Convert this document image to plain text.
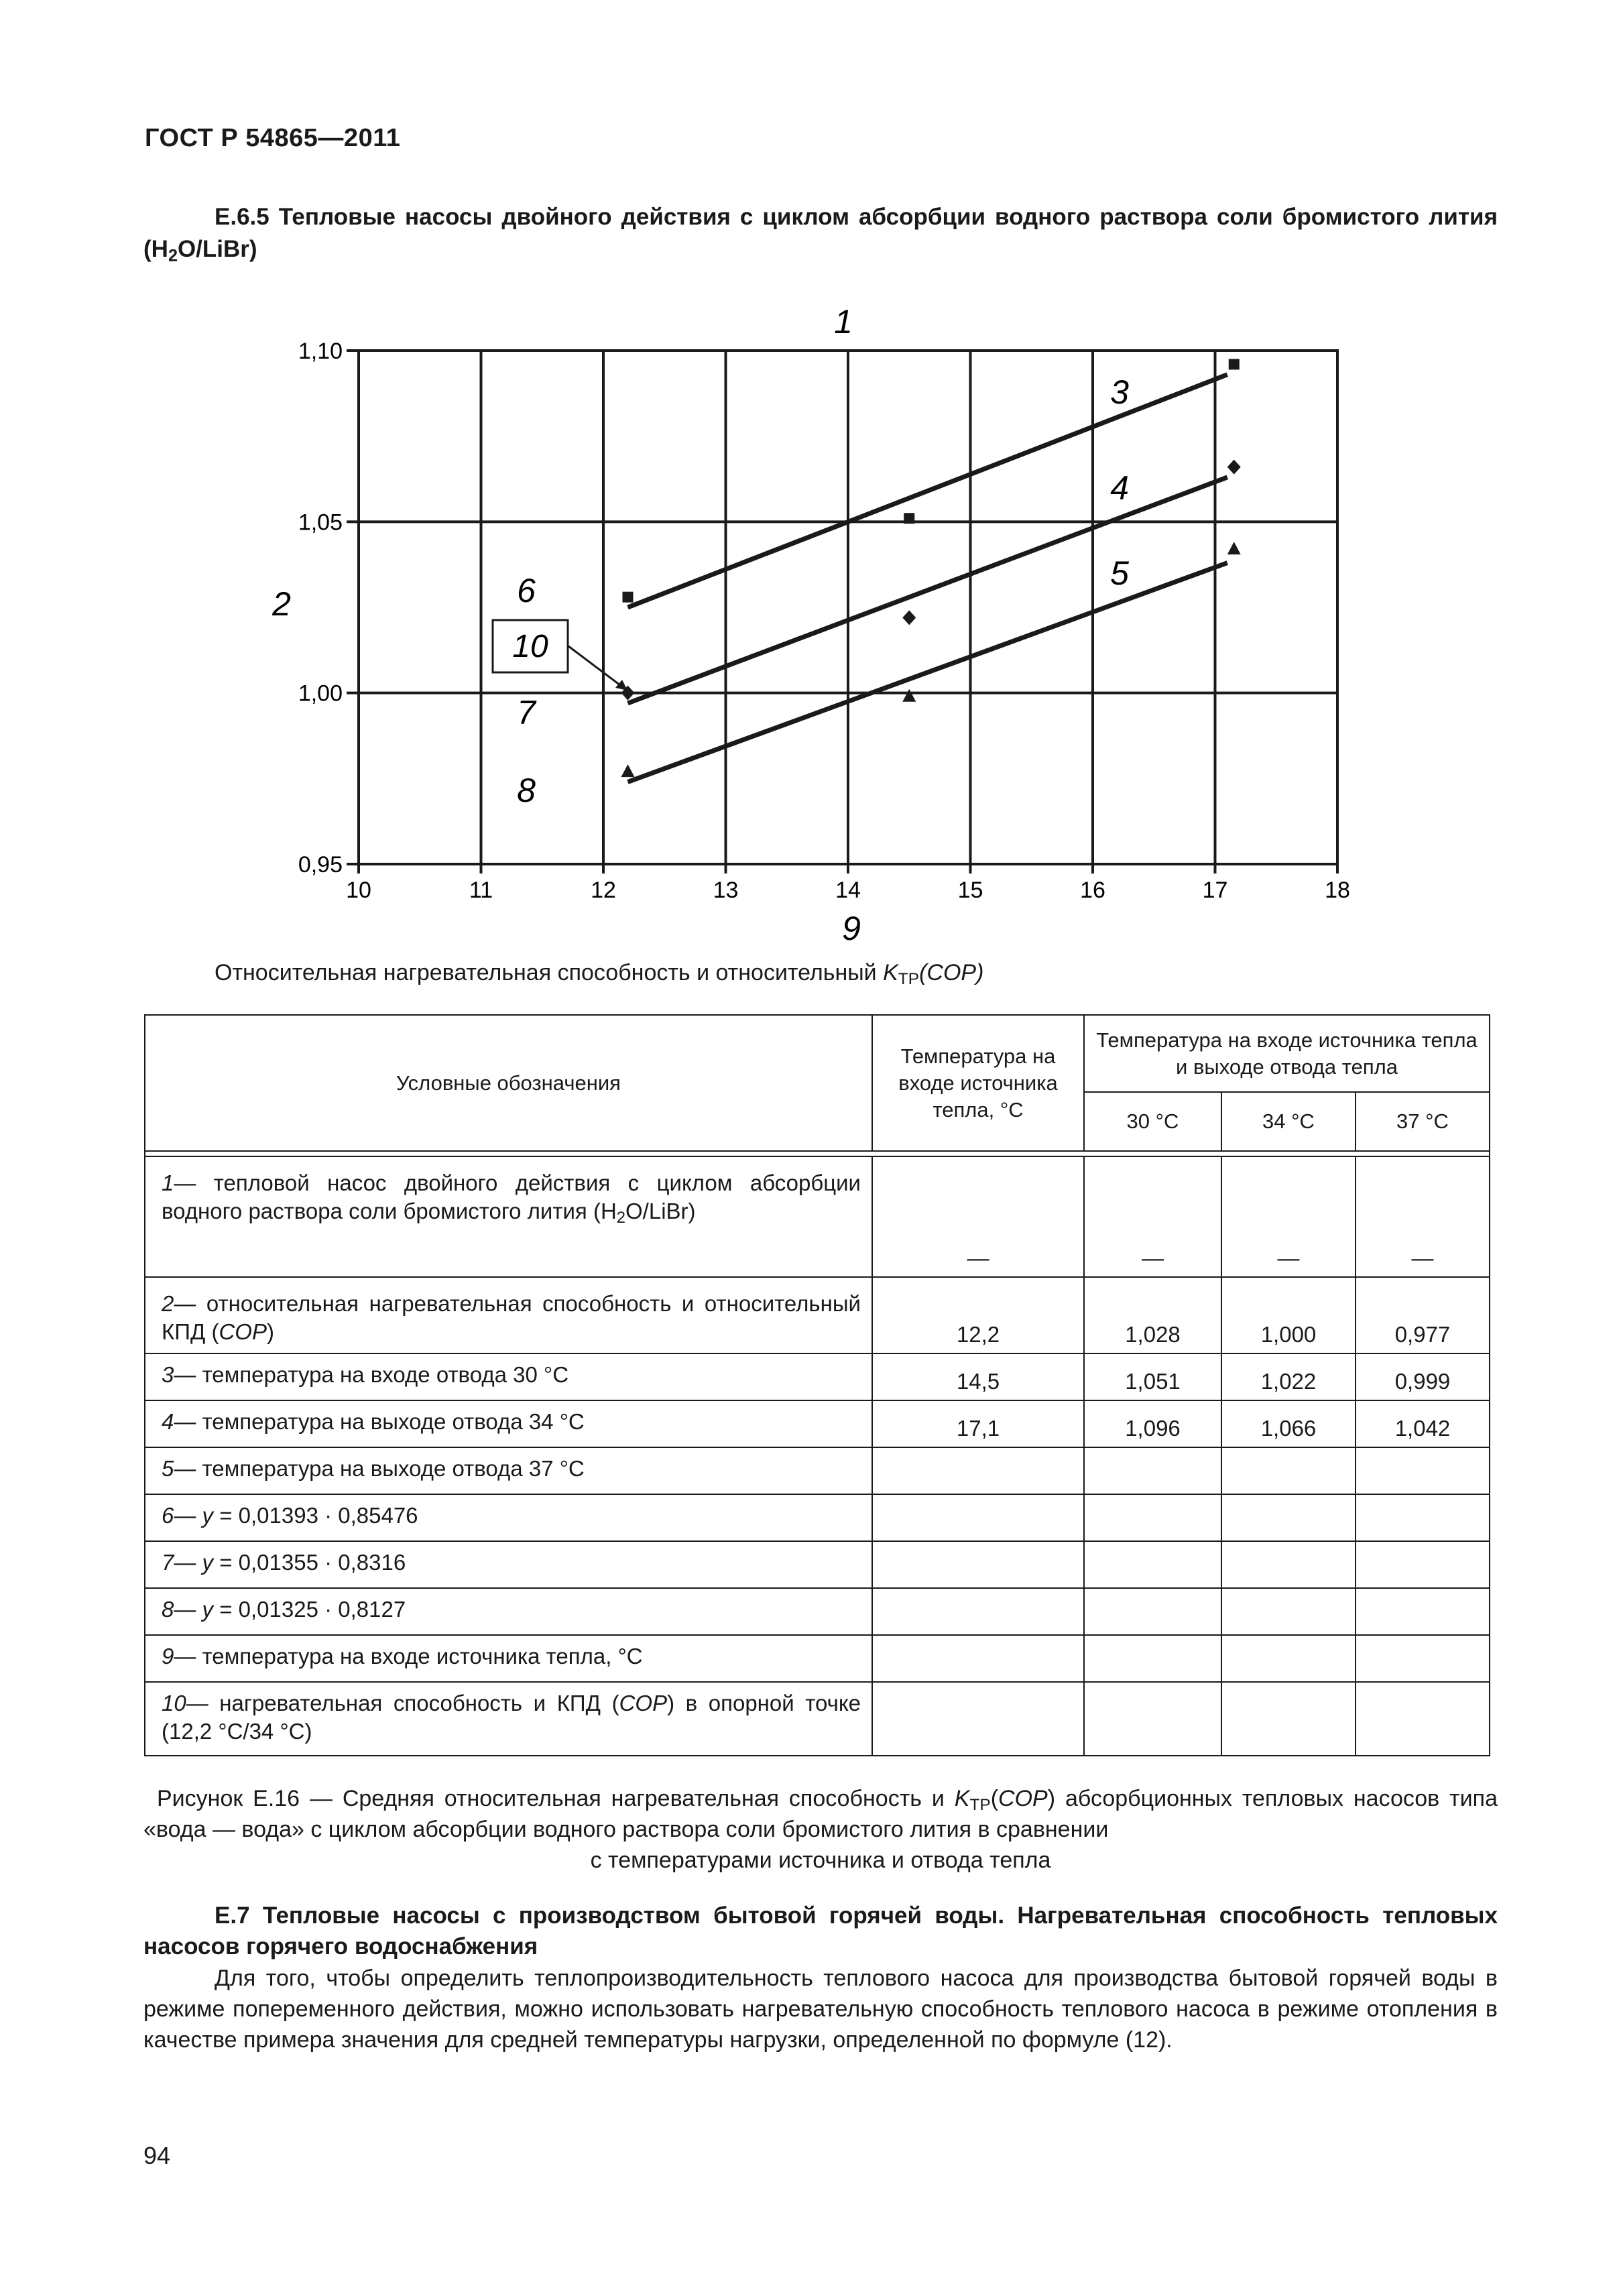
ГОСТ Р 54865—2011
Е.6.5 Тепловые насосы двойного действия с циклом абсорбции водного раствора соли бромистого лития $(H_2O/LiBr)$
10	11	12	13	14	15	16	17	18
0,95
1,00
1,05
1,10
1
2
9
3
4
5
6
10
7
8
Относительная нагревательная способность и относительный $K_{ТР}(COP)$
Условные обозначения	Температура на входе источника тепла, °С	Температура на входе источника тепла и выходе отвода тепла		
		30 °С	34 °С	37 °С

1— тепловой насос двойного действия с циклом абсорбции водного раствора соли бромистого лития $(H_2O/LiBr)$	—	—	—	—

2— относительная нагревательная способность и относительный КПД (COP)	12,2	1,028	1,000	0,977

3— температура на входе отвода 30 °С	14,5	1,051	1,022	0,999

4— температура на выходе отвода 34 °С	17,1	1,096	1,066	1,042

5— температура на выходе отвода 37 °С				

6— y = 0,01393 · 0,85476				

7— y = 0,01355 · 0,8316				

8— y = 0,01325 · 0,8127				

9— температура на входе источника тепла, °С				

10— нагревательная способность и КПД (COP) в опорной точке (12,2 °С/34 °С)				

Рисунок Е.16 — Средняя относительная нагревательная способность и $K_{ТР}(COP)$ абсорбционных тепловых насосов типа «вода — вода» с циклом абсорбции водного раствора соли бромистого лития в сравнении
с температурами источника и отвода тепла
Е.7 Тепловые насосы с производством бытовой горячей воды. Нагревательная способность тепловых насосов горячего водоснабжения
Для того, чтобы определить теплопроизводительность теплового насоса для производства бытовой горячей воды в режиме попеременного действия, можно использовать нагревательную способность теплового насоса в режиме отопления в качестве примера значения для средней температуры нагрузки, определенной по формуле (12).
94
